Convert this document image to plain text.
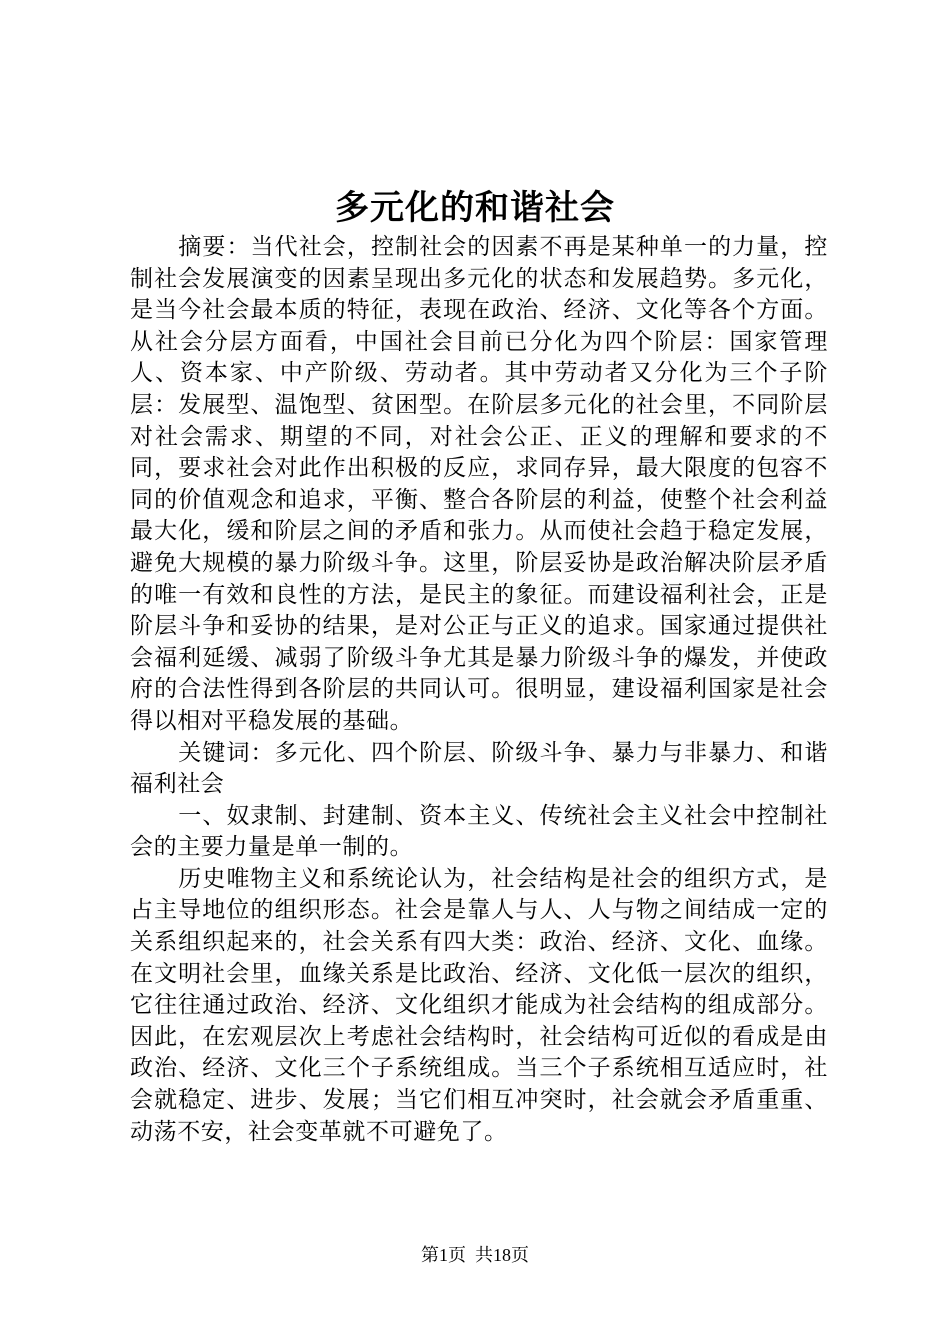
多元化的和谐社会

摘要：当代社会，控制社会的因素不再是某种单一的力量，控制社会发展演变的因素呈现出多元化的状态和发展趋势。多元化，是当今社会最本质的特征，表现在政治、经济、文化等各个方面。从社会分层方面看，中国社会目前已分化为四个阶层：国家管理人、资本家、中产阶级、劳动者。其中劳动者又分化为三个子阶层：发展型、温饱型、贫困型。在阶层多元化的社会里，不同阶层对社会需求、期望的不同，对社会公正、正义的理解和要求的不同，要求社会对此作出积极的反应，求同存异，最大限度的包容不同的价值观念和追求，平衡、整合各阶层的利益，使整个社会利益最大化，缓和阶层之间的矛盾和张力。从而使社会趋于稳定发展，避免大规模的暴力阶级斗争。这里，阶层妥协是政治解决阶层矛盾的唯一有效和良性的方法，是民主的象征。而建设福利社会，正是阶层斗争和妥协的结果，是对公正与正义的追求。国家通过提供社会福利延缓、减弱了阶级斗争尤其是暴力阶级斗争的爆发，并使政府的合法性得到各阶层的共同认可。很明显，建设福利国家是社会得以相对平稳发展的基础。

关键词：多元化、四个阶层、阶级斗争、暴力与非暴力、和谐福利社会

一、奴隶制、封建制、资本主义、传统社会主义社会中控制社会的主要力量是单一制的。

历史唯物主义和系统论认为，社会结构是社会的组织方式，是占主导地位的组织形态。社会是靠人与人、人与物之间结成一定的关系组织起来的，社会关系有四大类：政治、经济、文化、血缘。在文明社会里，血缘关系是比政治、经济、文化低一层次的组织，它往往通过政治、经济、文化组织才能成为社会结构的组成部分。因此，在宏观层次上考虑社会结构时，社会结构可近似的看成是由政治、经济、文化三个子系统组成。当三个子系统相互适应时，社会就稳定、进步、发展；当它们相互冲突时，社会就会矛盾重重、动荡不安，社会变革就不可避免了。

第1页 共18页
